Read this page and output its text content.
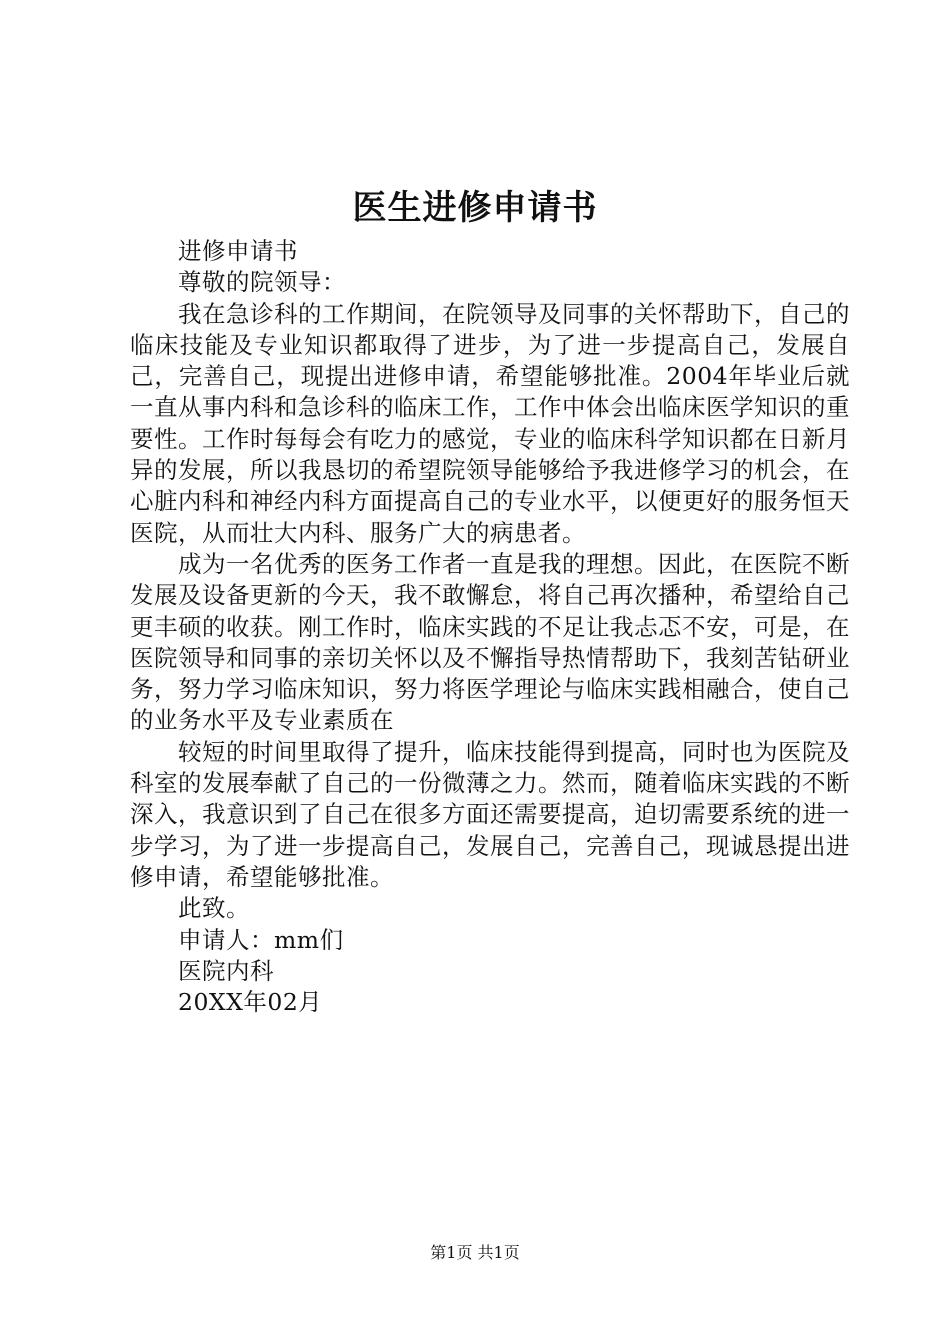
医生进修申请书

进修申请书

尊敬的院领导：

我在急诊科的工作期间，在院领导及同事的关怀帮助下，自己的临床技能及专业知识都取得了进步，为了进一步提高自己，发展自己，完善自己，现提出进修申请，希望能够批准。2004年毕业后就一直从事内科和急诊科的临床工作，工作中体会出临床医学知识的重要性。工作时每每会有吃力的感觉，专业的临床科学知识都在日新月异的发展，所以我恳切的希望院领导能够给予我进修学习的机会，在心脏内科和神经内科方面提高自己的专业水平，以便更好的服务恒天医院，从而壮大内科、服务广大的病患者。

成为一名优秀的医务工作者一直是我的理想。因此，在医院不断发展及设备更新的今天，我不敢懈怠，将自己再次播种，希望给自己更丰硕的收获。刚工作时，临床实践的不足让我忐忑不安，可是，在医院领导和同事的亲切关怀以及不懈指导热情帮助下，我刻苦钻研业务，努力学习临床知识，努力将医学理论与临床实践相融合，使自己的业务水平及专业素质在

较短的时间里取得了提升，临床技能得到提高，同时也为医院及科室的发展奉献了自己的一份微薄之力。然而，随着临床实践的不断深入，我意识到了自己在很多方面还需要提高，迫切需要系统的进一步学习，为了进一步提高自己，发展自己，完善自己，现诚恳提出进修申请，希望能够批准。

此致。

申请人：mm们

医院内科

20XX年02月

第1页 共1页
